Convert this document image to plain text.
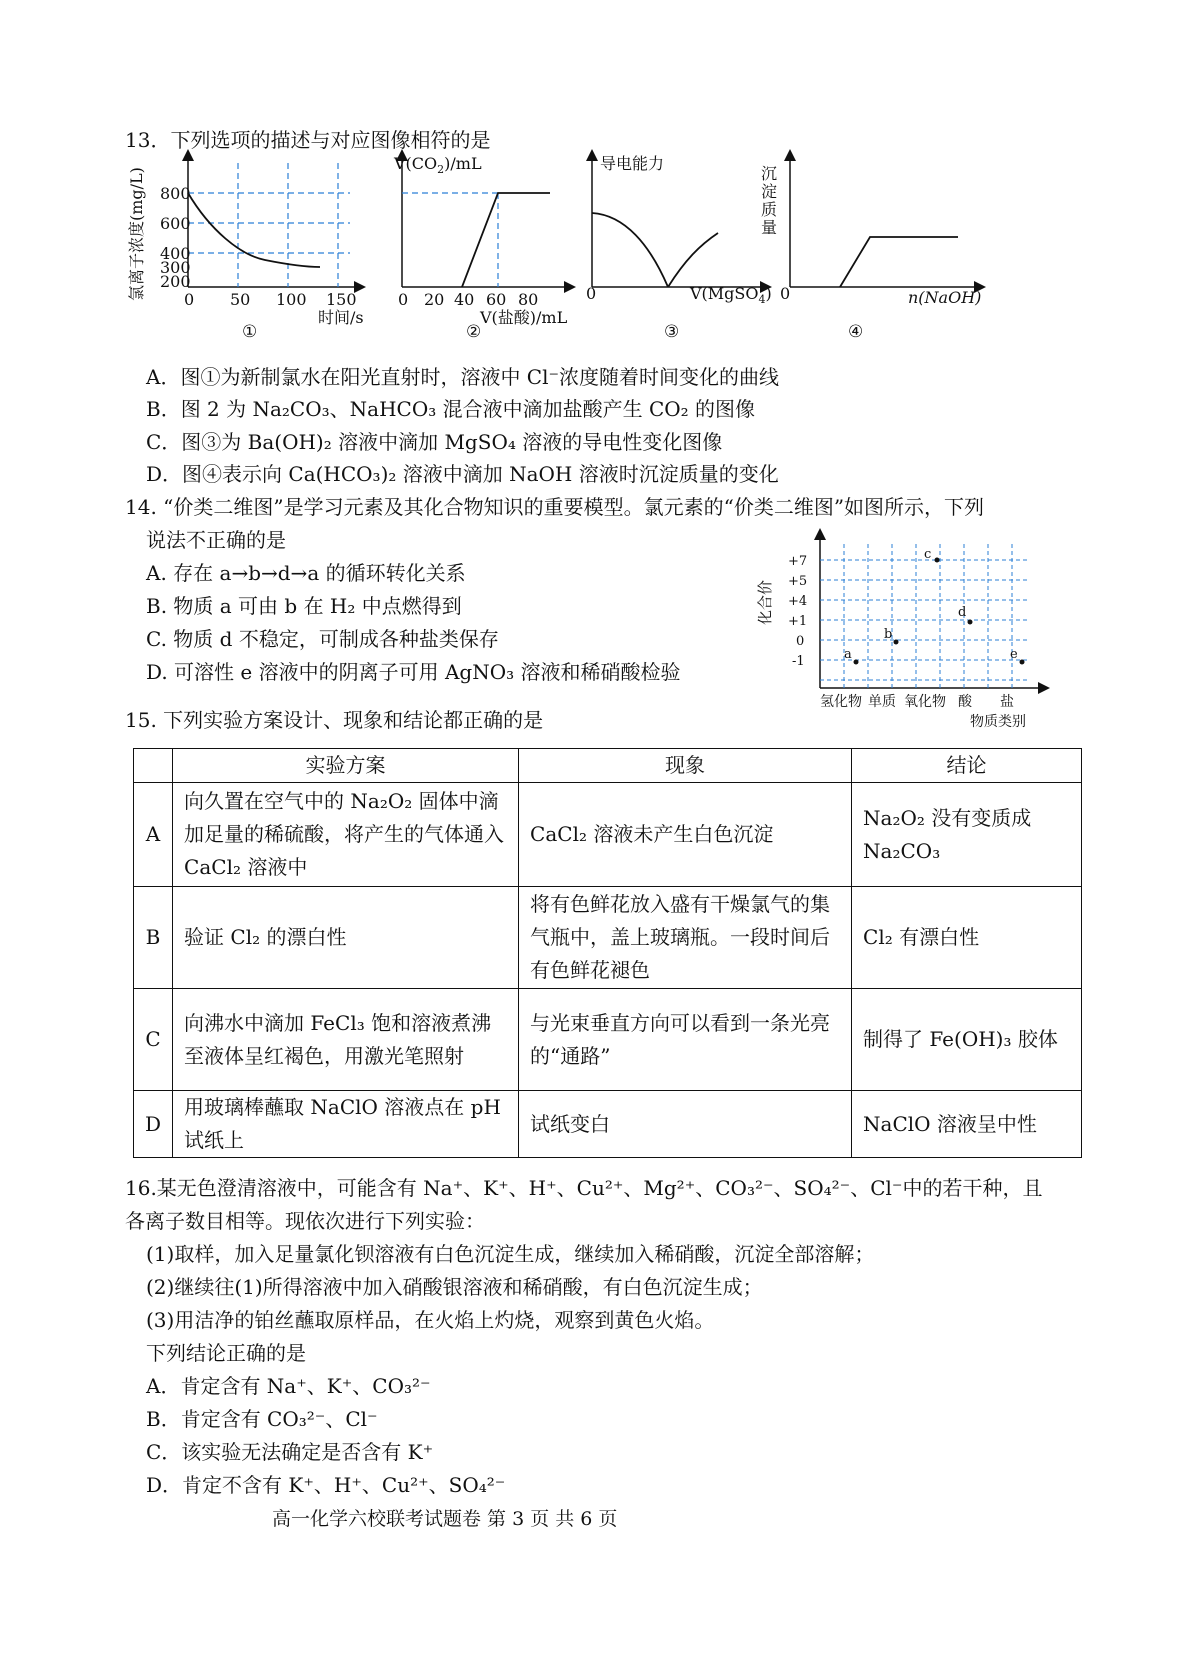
13．下列选项的描述与对应图像相符的是
氯离子浓度(mg/L) 800
600
400
300
200
0 50 100 150
时间/s
①
$V(CO_2)/mL$
0 20 40 60 80
V(盐酸)/mL
②
导电能力
0	V(MgSO$_4$)
③
沉淀质量
0	n(NaOH)
④
A．图①为新制氯水在阳光直射时，溶液中 Cl⁻浓度随着时间变化的曲线
B．图 2 为 Na₂CO₃、NaHCO₃ 混合液中滴加盐酸产生 CO₂ 的图像
C．图③为 Ba(OH)₂ 溶液中滴加 MgSO₄ 溶液的导电性变化图像
D．图④表示向 Ca(HCO₃)₂ 溶液中滴加 NaOH 溶液时沉淀质量的变化
14. “价类二维图”是学习元素及其化合物知识的重要模型。氯元素的“价类二维图”如图所示，下列
说法不正确的是
A. 存在 a→b→d→a 的循环转化关系
B. 物质 a 可由 b 在 H₂ 中点燃得到
C. 物质 d 不稳定，可制成各种盐类保存
D. 可溶性 e 溶液中的阴离子可用 AgNO₃ 溶液和稀硝酸检验
化合价
+7
+5
+4
+1
0
-1	a
b
c
d
e
氢化物 单质 氧化物 酸 盐
物质类别
15. 下列实验方案设计、现象和结论都正确的是
	实验方案	现象	结论
A	向久置在空气中的 Na₂O₂ 固体中滴加足量的稀硫酸，将产生的气体通入 CaCl₂ 溶液中	CaCl₂ 溶液未产生白色沉淀	Na₂O₂ 没有变质成 Na₂CO₃
B	验证 Cl₂ 的漂白性	将有色鲜花放入盛有干燥氯气的集气瓶中，盖上玻璃瓶。一段时间后有色鲜花褪色	Cl₂ 有漂白性
C	向沸水中滴加 FeCl₃ 饱和溶液煮沸至液体呈红褐色，用激光笔照射	与光束垂直方向可以看到一条光亮的“通路”	制得了 Fe(OH)₃ 胶体
D	用玻璃棒蘸取 NaClO 溶液点在 pH 试纸上	试纸变白	NaClO 溶液呈中性
16.某无色澄清溶液中，可能含有 Na⁺、K⁺、H⁺、Cu²⁺、Mg²⁺、CO₃²⁻、SO₄²⁻、Cl⁻中的若干种，且
各离子数目相等。现依次进行下列实验：
(1)取样，加入足量氯化钡溶液有白色沉淀生成，继续加入稀硝酸，沉淀全部溶解；
(2)继续往(1)所得溶液中加入硝酸银溶液和稀硝酸，有白色沉淀生成；
(3)用洁净的铂丝蘸取原样品，在火焰上灼烧，观察到黄色火焰。
下列结论正确的是
A．肯定含有 Na⁺、K⁺、CO₃²⁻
B．肯定含有 CO₃²⁻、Cl⁻
C．该实验无法确定是否含有 K⁺
D．肯定不含有 K⁺、H⁺、Cu²⁺、SO₄²⁻
高一化学六校联考试题卷 第 3 页 共 6 页
